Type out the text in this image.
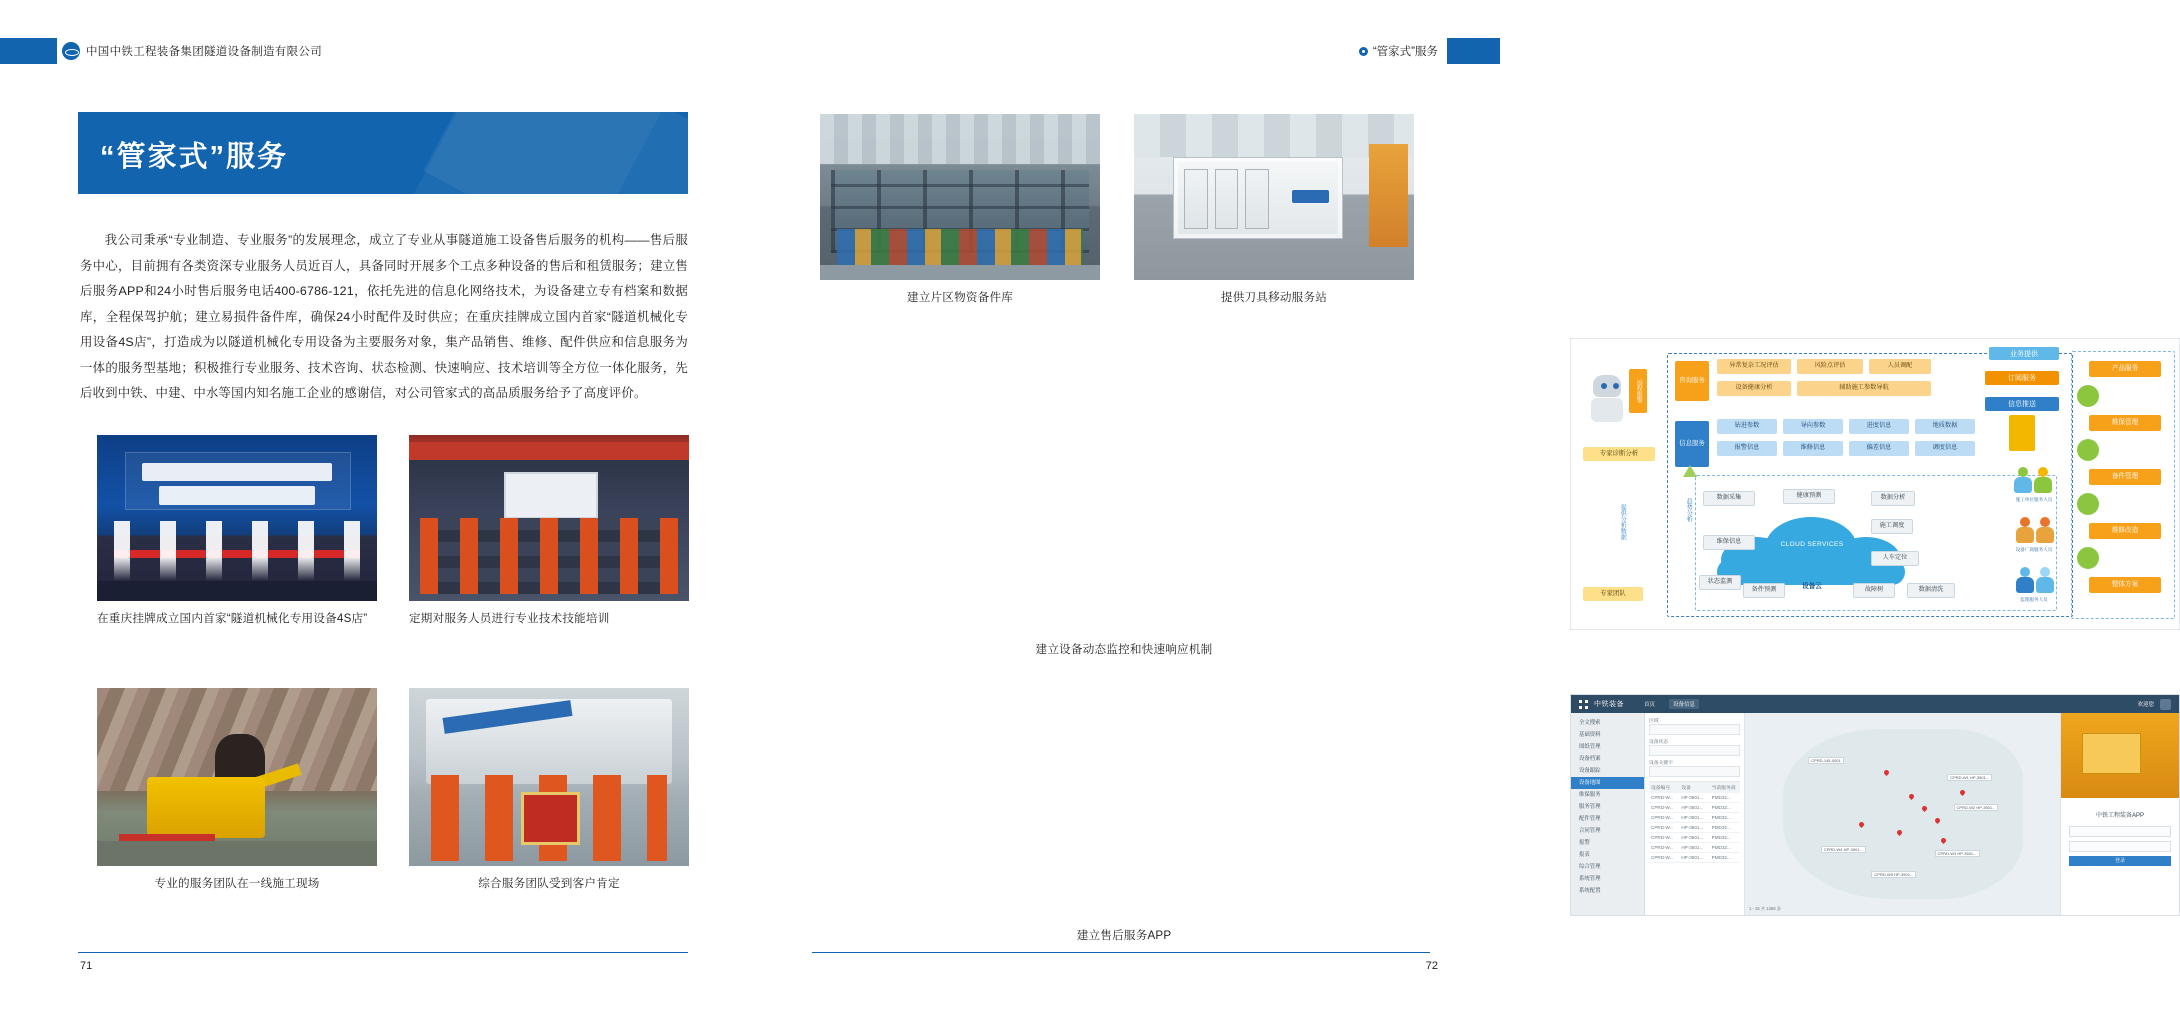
中国中铁工程装备集团隧道设备制造有限公司	“管家式”服务
“管家式”服务
我公司秉承“专业制造、专业服务”的发展理念，成立了专业从事隧道施工设备售后服务的机构——售后服务中心，目前拥有各类资深专业服务人员近百人，具备同时开展多个工点多种设备的售后和租赁服务；建立售后服务APP和24小时售后服务电话400-6786-121，依托先进的信息化网络技术，为设备建立专有档案和数据库，全程保驾护航；建立易损件备件库，确保24小时配件及时供应；在重庆挂牌成立国内首家“隧道机械化专用设备4S店”，打造成为以隧道机械化专用设备为主要服务对象，集产品销售、维修、配件供应和信息服务为一体的服务型基地；积极推行专业服务、技术咨询、状态检测、快速响应、技术培训等全方位一体化服务，先后收到中铁、中建、中水等国内知名施工企业的感谢信，对公司管家式的高品质服务给予了高度评价。
在重庆挂牌成立国内首家“隧道机械化专用设备4S店”	定期对服务人员进行专业技术技能培训
专业的服务团队在一线施工现场	综合服务团队受到客户肯定
71
建立片区物资备件库	提供刀具移动服务站
远程报警
专家诊断分析
专家团队
提供分析数据	趋势分析
咨询服务
信息服务
异常复杂工况评估	风险点评估	人员调配
设备健康分析	辅助施工参数导航
钻进参数	导向参数	进度信息	地质数据
报警信息	维修信息	偏差信息	调度信息
CLOUD SERVICES
设备云
数据采集
维保信息
健康预测	数据分析
状态监测
备件预测
施工调度
人车定位
故障树	数据清洗
业务提供
订阅服务
信息推送
产品服务
维保管理
备件管理
维修改造
整体方案
施工单位服务人员
设备厂商服务人员
监理服务人员
建立设备动态监控和快速响应机制
中铁装备	首页	设备信息	欢迎您
全文搜索
基础资料
图纸管理
设备档案
设备跟踪
设备地图
维保服务
服务管理
配件管理
合同管理
报警
报表
综合管理
系统管理
系统配置
区域
设备状态
设备关键字
设备编号	设备	当前服务商
CPRD-W...	HP-3501...	PMD32...
CPRD-W...	HP-3501...	PMD32...
CPRD-W...	HP-3501...	PMD32...
CPRD-W...	HP-3501...	PMD32...
CPRD-W...	HP-3501...	PMD32...
CPRD-W...	HP-3501...	PMD32...
CPRD-W...	HP-3501...	PMD32...
CPRD-145-0001
CPRD-W1 HP-3501...
CPRD-W2 HP-3501...
CPRD-W3 HP-3501...
CPRD-W4 HP-3501...
CPRD-W5 HP-3501...
1 - 15 共 1458 条
中铁工程装备APP
登录
建立售后服务APP
72
